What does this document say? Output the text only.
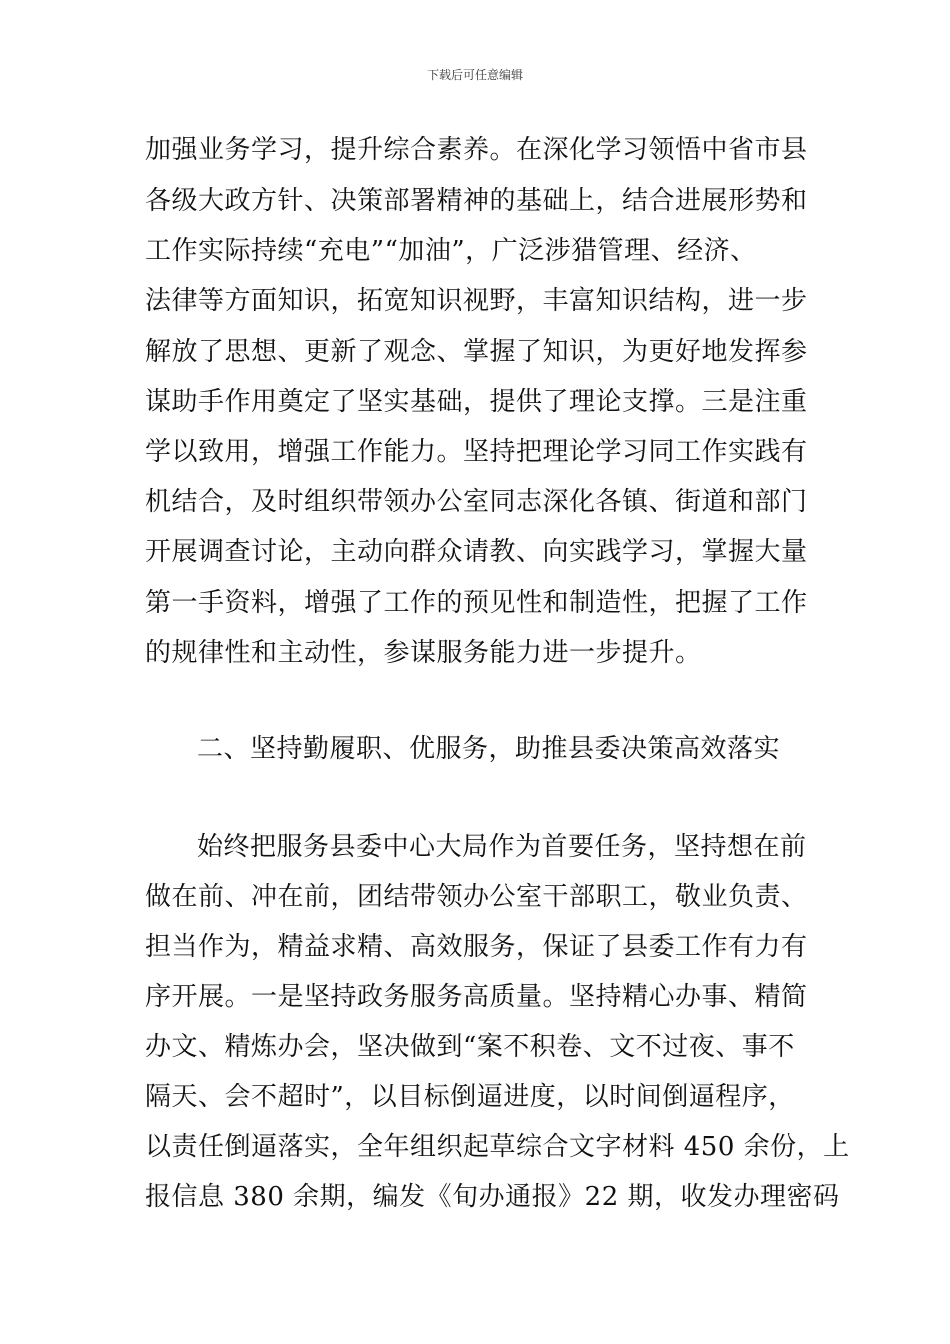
下载后可任意编辑
加强业务学习，提升综合素养。在深化学习领悟中省市县
各级大政方针、决策部署精神的基础上，结合进展形势和
工作实际持续“充电”“加油”，广泛涉猎管理、经济、
法律等方面知识，拓宽知识视野，丰富知识结构，进一步
解放了思想、更新了观念、掌握了知识，为更好地发挥参
谋助手作用奠定了坚实基础，提供了理论支撑。三是注重
学以致用，增强工作能力。坚持把理论学习同工作实践有
机结合，及时组织带领办公室同志深化各镇、街道和部门
开展调查讨论，主动向群众请教、向实践学习，掌握大量
第一手资料，增强了工作的预见性和制造性，把握了工作
的规律性和主动性，参谋服务能力进一步提升。
二、坚持勤履职、优服务，助推县委决策高效落实
始终把服务县委中心大局作为首要任务，坚持想在前
做在前、冲在前，团结带领办公室干部职工，敬业负责、
担当作为，精益求精、高效服务，保证了县委工作有力有
序开展。一是坚持政务服务高质量。坚持精心办事、精简
办文、精炼办会，坚决做到“案不积卷、文不过夜、事不
隔天、会不超时”，以目标倒逼进度，以时间倒逼程序，
以责任倒逼落实，全年组织起草综合文字材料 450 余份，上
报信息 380 余期，编发《旬办通报》22 期，收发办理密码
